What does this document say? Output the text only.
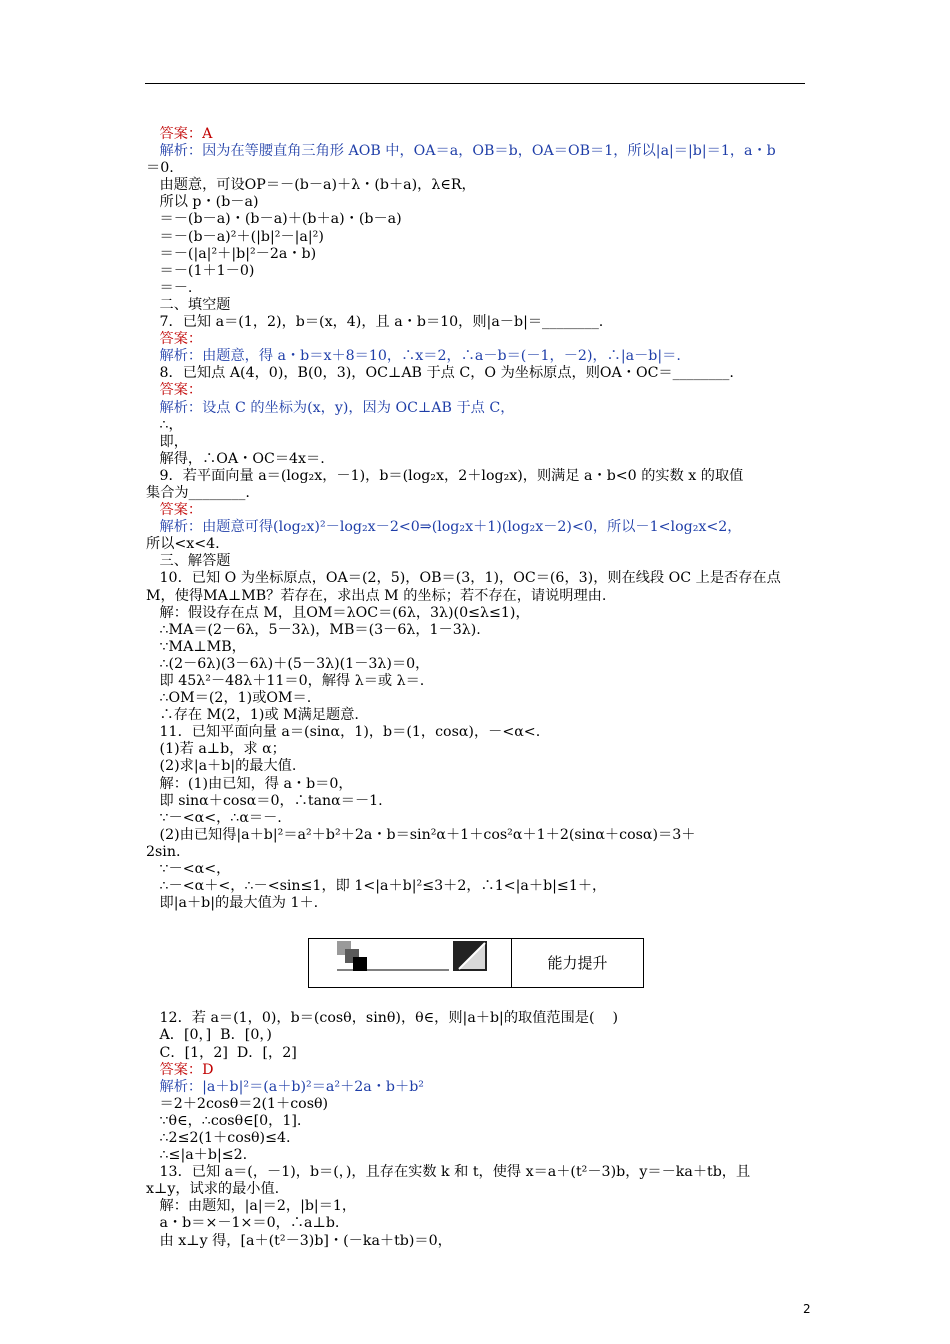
答案：A
解析：因为在等腰直角三角形 AOB 中，OA＝a，OB＝b，OA＝OB＝1，所以|a|＝|b|＝1，a・b
＝0.
由题意，可设OP＝－(b－a)＋λ・(b＋a)，λ∈R，
所以 p・(b－a)
＝－(b－a)・(b－a)＋(b＋a)・(b－a)
＝－(b－a)²＋(|b|²－|a|²)
＝－(|a|²＋|b|²－2a・b)
＝－(1＋1－0)
＝－.
二、填空题
7．已知 a＝(1，2)，b＝(x，4)，且 a・b＝10，则|a－b|＝________.
答案：
解析：由题意，得 a・b＝x＋8＝10，∴x＝2，∴a－b＝(－1，－2)，∴|a－b|＝.
8．已知点 A(4，0)，B(0，3)，OC⊥AB 于点 C，O 为坐标原点，则OA・OC＝________.
答案：
解析：设点 C 的坐标为(x，y)，因为 OC⊥AB 于点 C，
∴，
即，
解得，∴OA・OC＝4x＝.
9．若平面向量 a＝(log₂x，－1)，b＝(log₂x，2＋log₂x)，则满足 a・b<0 的实数 x 的取值
集合为________.
答案：
解析：由题意可得(log₂x)²－log₂x－2<0⇒(log₂x＋1)(log₂x－2)<0，所以－1<log₂x<2，
所以<x<4.
三、解答题
10．已知 O 为坐标原点，OA＝(2，5)，OB＝(3，1)，OC＝(6，3)，则在线段 OC 上是否存在点
M，使得MA⊥MB？若存在，求出点 M 的坐标；若不存在，请说明理由.
解：假设存在点 M，且OM＝λOC＝(6λ，3λ)(0≤λ≤1)，
∴MA＝(2－6λ，5－3λ)，MB＝(3－6λ，1－3λ).
∵MA⊥MB，
∴(2－6λ)(3－6λ)＋(5－3λ)(1－3λ)＝0，
即 45λ²－48λ＋11＝0，解得 λ＝或 λ＝.
∴OM＝(2，1)或OM＝.
∴存在 M(2，1)或 M满足题意.
11．已知平面向量 a＝(sinα，1)，b＝(1，cosα)，－<α<.
(1)若 a⊥b，求 α；
(2)求|a＋b|的最大值.
解：(1)由已知，得 a・b＝0，
即 sinα＋cosα＝0，∴tanα＝－1.
∵－<α<，∴α＝－.
(2)由已知得|a＋b|²＝a²＋b²＋2a・b＝sin²α＋1＋cos²α＋1＋2(sinα＋cosα)＝3＋
2sin.
∵－<α<，
∴－<α＋<，∴－<sin≤1，即 1<|a＋b|²≤3＋2，∴1<|a＋b|≤1＋，
即|a＋b|的最大值为 1＋.
能力提升
12．若 a＝(1，0)，b＝(cosθ，sinθ)，θ∈，则|a＋b|的取值范围是(    )
A．[0，]  B．[0，)
C．[1，2]  D．[，2]
答案：D
解析：|a＋b|²＝(a＋b)²＝a²＋2a・b＋b²
＝2＋2cosθ＝2(1＋cosθ)
∵θ∈，∴cosθ∈[0，1].
∴2≤2(1＋cosθ)≤4.
∴≤|a＋b|≤2.
13．已知 a＝(，－1)，b＝(，)，且存在实数 k 和 t，使得 x＝a＋(t²－3)b，y＝－ka＋tb，且
x⊥y，试求的最小值.
解：由题知，|a|＝2，|b|＝1，
a・b＝×－1×＝0，∴a⊥b.
由 x⊥y 得，[a＋(t²－3)b]・(－ka＋tb)＝0，
2
